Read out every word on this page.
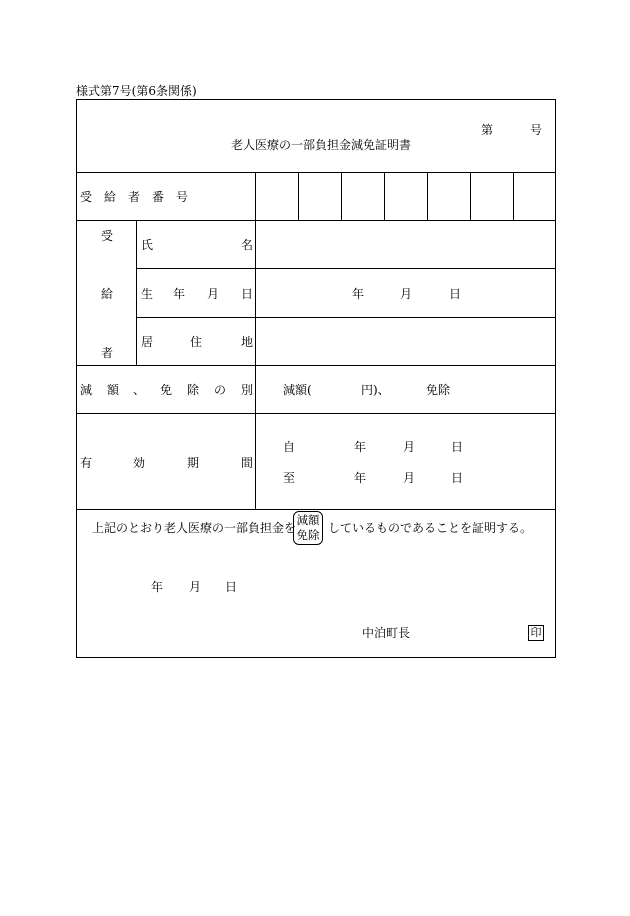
様式第7号(第6条関係)
第	号
老人医療の一部負担金減免証明書
受　給　者　番　号
受
給
者
氏	名
生 年 月 日	年	月	日
居	住	地
減 額 、 免 除 の 別 減額(	円)、	免除
有	効	期	間
自	年	月	日
至	年	月	日
上記のとおり老人医療の一部負担金を
減額
免除 しているものであることを証明する。
年 月 日
中泊町長	印
